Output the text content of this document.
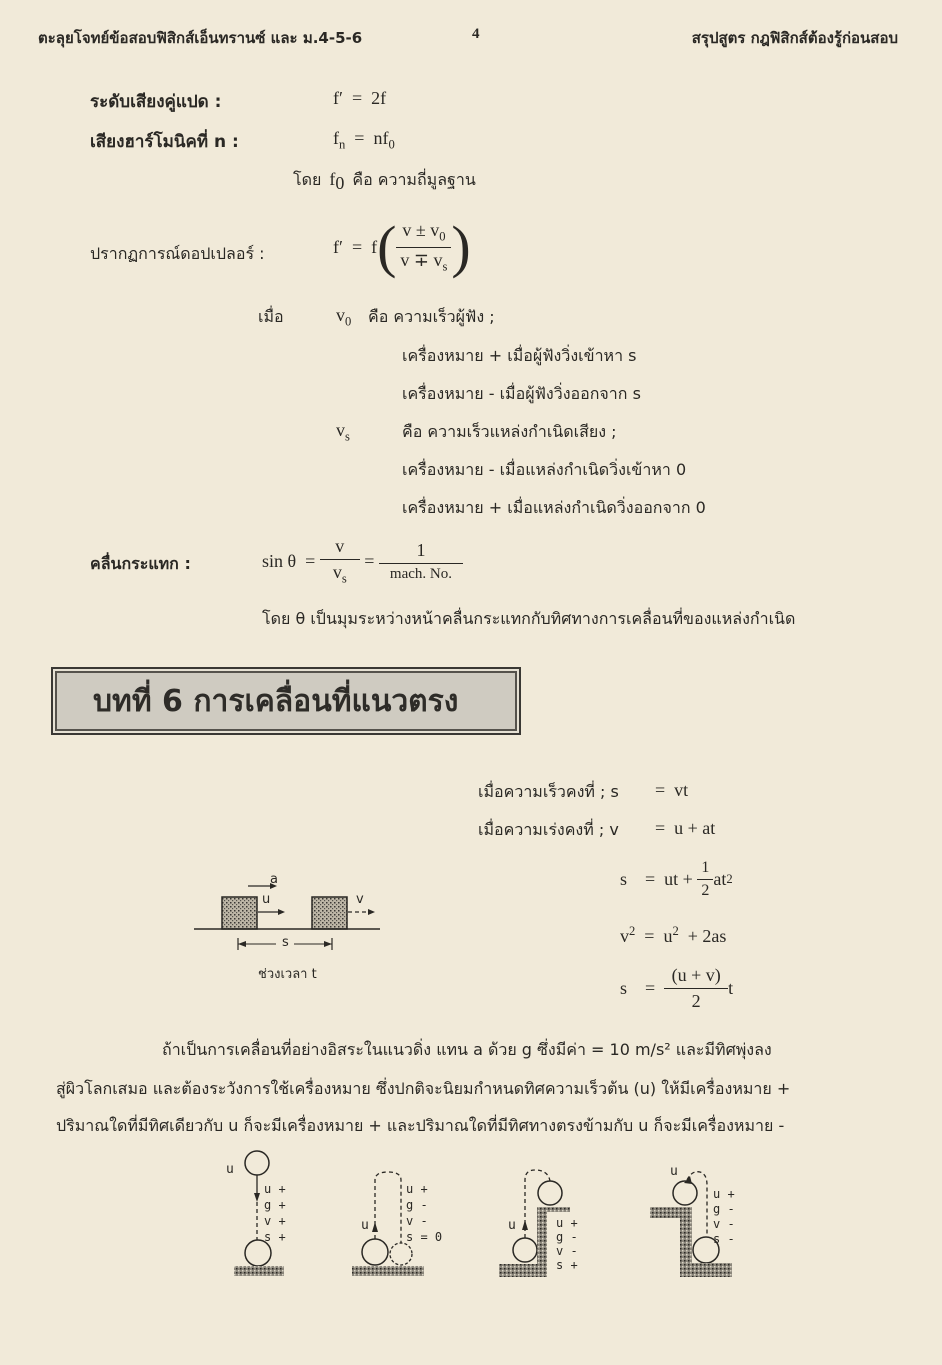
ตะลุยโจทย์ข้อสอบฟิสิกส์เอ็นทรานซ์ และ ม.4-5-6	4	สรุปสูตร กฎฟิสิกส์ต้องรู้ก่อนสอบ
ระดับเสียงคู่แปด :	f′ = 2f
เสียงฮาร์โมนิคที่ n :	$f_n = nf_0$
โดย $f_0$ คือ ความถี่มูลฐาน
ปรากฏการณ์ดอปเปลอร์ :	f′
=
f ( $\frac{v \pm v_0}{v \mp v_s}$ )
เมื่อ	$v_0$ คือ ความเร็วผู้ฟัง ;
เครื่องหมาย + เมื่อผู้ฟังวิ่งเข้าหา s
เครื่องหมาย - เมื่อผู้ฟังวิ่งออกจาก s
$v_s$	คือ ความเร็วแหล่งกำเนิดเสียง ;
เครื่องหมาย - เมื่อแหล่งกำเนิดวิ่งเข้าหา 0
เครื่องหมาย + เมื่อแหล่งกำเนิดวิ่งออกจาก 0
คลื่นกระแทก :	sin θ
=
$\frac{v}{v_s}$
=
$\frac{1}{\text{mach. No.}}$
โดย θ เป็นมุมระหว่างหน้าคลื่นกระแทกกับทิศทางการเคลื่อนที่ของแหล่งกำเนิด
บทที่ 6 การเคลื่อนที่แนวตรง
เมื่อความเร็วคงที่ ; s = vt
เมื่อความเร่งคงที่ ; v = u + at
s
=
ut +
$\frac{1}{2}$ at 2
$v^2 = u^2 + 2as$
s
=
$\frac{(u + v)}{2}$ t
a
u	v
s
ช่วงเวลา t
ถ้าเป็นการเคลื่อนที่อย่างอิสระในแนวดิ่ง แทน a ด้วย g ซึ่งมีค่า = 10 m/s² และมีทิศพุ่งลง
สู่ผิวโลกเสมอ และต้องระวังการใช้เครื่องหมาย ซึ่งปกติจะนิยมกำหนดทิศความเร็วต้น (u) ให้มีเครื่องหมาย +
ปริมาณใดที่มีทิศเดียวกับ u ก็จะมีเครื่องหมาย + และปริมาณใดที่มีทิศทางตรงข้ามกับ u ก็จะมีเครื่องหมาย -
u
u +
g +
v +
s +
u
u +
g -
v -
s = 0
u	u +
g -
v -
s +
u
u +
g -
v -
s -
